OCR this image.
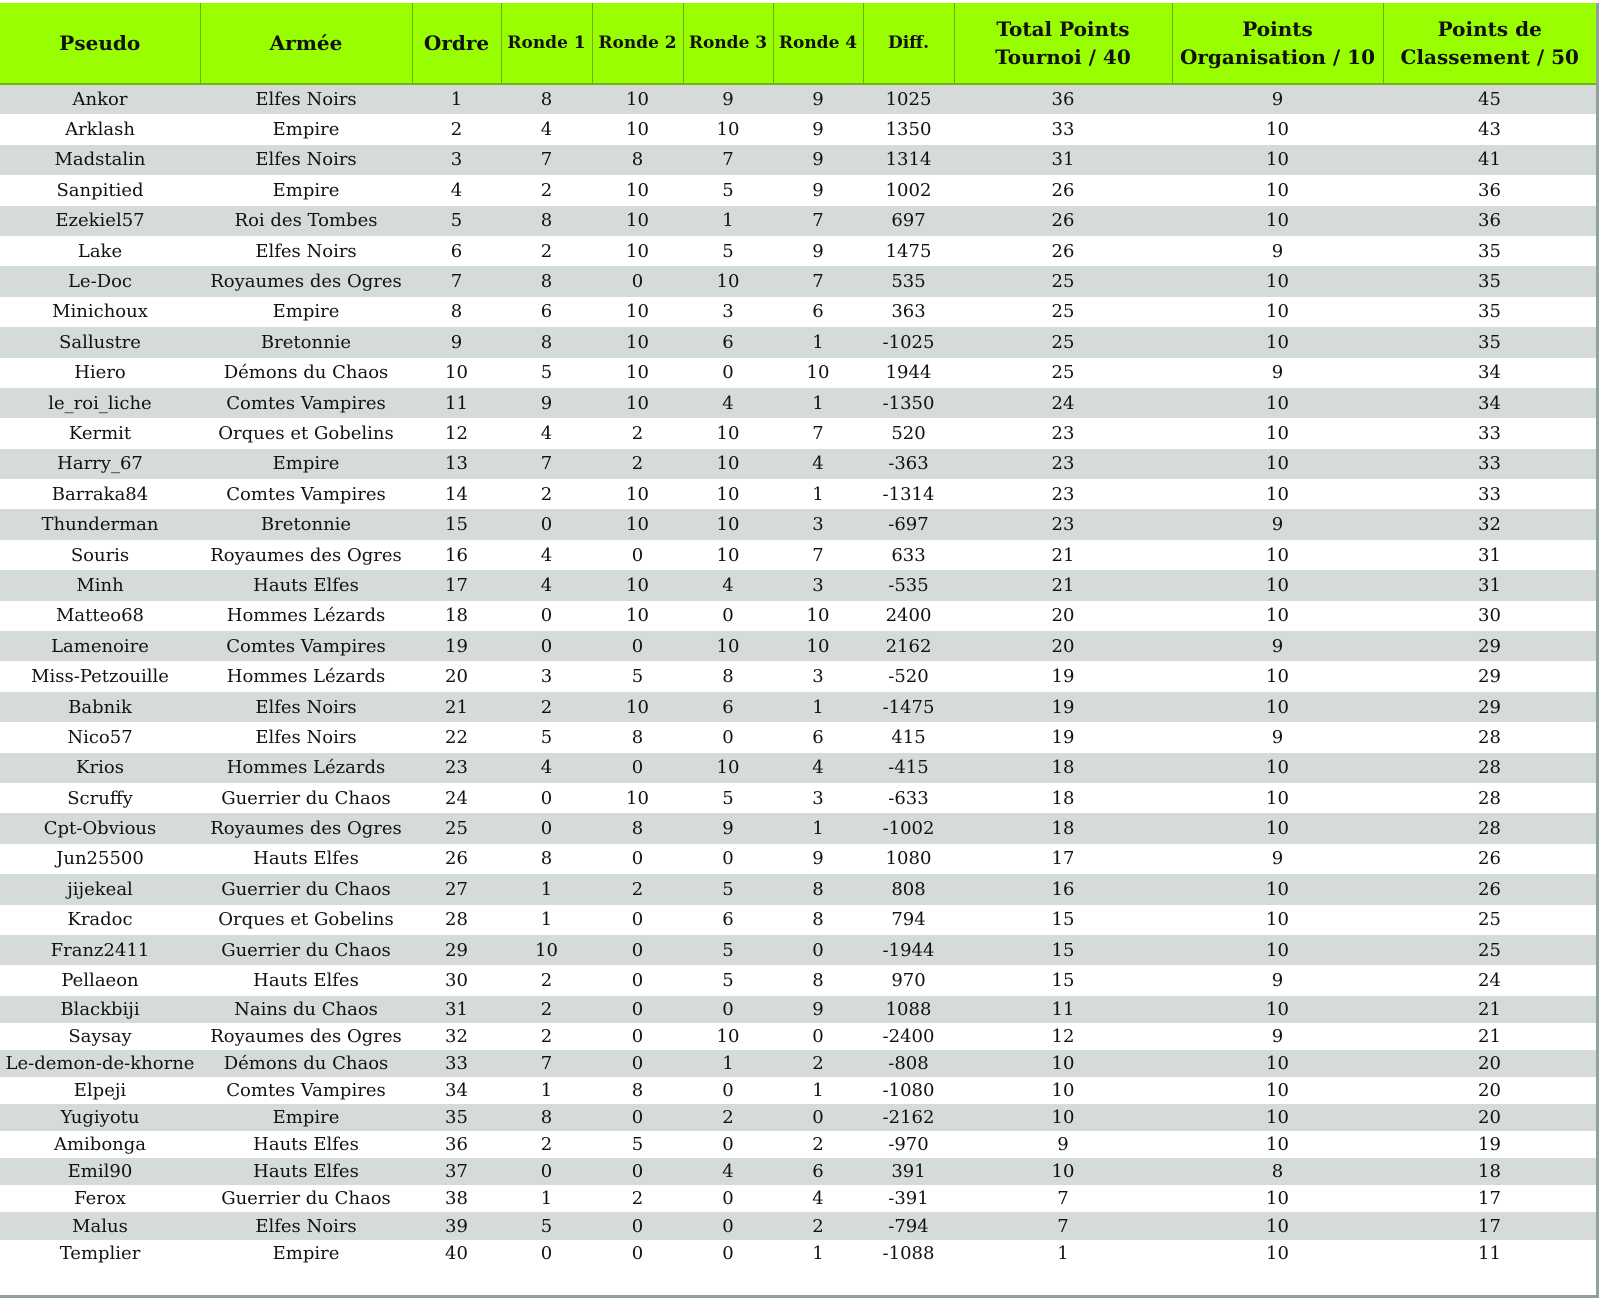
Pseudo	Armée	Ordre	Ronde 1	Ronde 2	Ronde 3	Ronde 4	Diff.	Total Points Tournoi / 40	Points Organisation / 10	Points de Classement / 50
Ankor	Elfes Noirs	1	8	10	9	9	1025	36	9	45
Arklash	Empire	2	4	10	10	9	1350	33	10	43
Madstalin	Elfes Noirs	3	7	8	7	9	1314	31	10	41
Sanpitied	Empire	4	2	10	5	9	1002	26	10	36
Ezekiel57	Roi des Tombes	5	8	10	1	7	697	26	10	36
Lake	Elfes Noirs	6	2	10	5	9	1475	26	9	35
Le-Doc	Royaumes des Ogres	7	8	0	10	7	535	25	10	35
Minichoux	Empire	8	6	10	3	6	363	25	10	35
Sallustre	Bretonnie	9	8	10	6	1	-1025	25	10	35
Hiero	Démons du Chaos	10	5	10	0	10	1944	25	9	34
le_roi_liche	Comtes Vampires	11	9	10	4	1	-1350	24	10	34
Kermit	Orques et Gobelins	12	4	2	10	7	520	23	10	33
Harry_67	Empire	13	7	2	10	4	-363	23	10	33
Barraka84	Comtes Vampires	14	2	10	10	1	-1314	23	10	33
Thunderman	Bretonnie	15	0	10	10	3	-697	23	9	32
Souris	Royaumes des Ogres	16	4	0	10	7	633	21	10	31
Minh	Hauts Elfes	17	4	10	4	3	-535	21	10	31
Matteo68	Hommes Lézards	18	0	10	0	10	2400	20	10	30
Lamenoire	Comtes Vampires	19	0	0	10	10	2162	20	9	29
Miss-Petzouille	Hommes Lézards	20	3	5	8	3	-520	19	10	29
Babnik	Elfes Noirs	21	2	10	6	1	-1475	19	10	29
Nico57	Elfes Noirs	22	5	8	0	6	415	19	9	28
Krios	Hommes Lézards	23	4	0	10	4	-415	18	10	28
Scruffy	Guerrier du Chaos	24	0	10	5	3	-633	18	10	28
Cpt-Obvious	Royaumes des Ogres	25	0	8	9	1	-1002	18	10	28
Jun25500	Hauts Elfes	26	8	0	0	9	1080	17	9	26
jijekeal	Guerrier du Chaos	27	1	2	5	8	808	16	10	26
Kradoc	Orques et Gobelins	28	1	0	6	8	794	15	10	25
Franz2411	Guerrier du Chaos	29	10	0	5	0	-1944	15	10	25
Pellaeon	Hauts Elfes	30	2	0	5	8	970	15	9	24
Blackbiji	Nains du Chaos	31	2	0	0	9	1088	11	10	21
Saysay	Royaumes des Ogres	32	2	0	10	0	-2400	12	9	21
Le-demon-de-khorne	Démons du Chaos	33	7	0	1	2	-808	10	10	20
Elpeji	Comtes Vampires	34	1	8	0	1	-1080	10	10	20
Yugiyotu	Empire	35	8	0	2	0	-2162	10	10	20
Amibonga	Hauts Elfes	36	2	5	0	2	-970	9	10	19
Emil90	Hauts Elfes	37	0	0	4	6	391	10	8	18
Ferox	Guerrier du Chaos	38	1	2	0	4	-391	7	10	17
Malus	Elfes Noirs	39	5	0	0	2	-794	7	10	17
Templier	Empire	40	0	0	0	1	-1088	1	10	11
